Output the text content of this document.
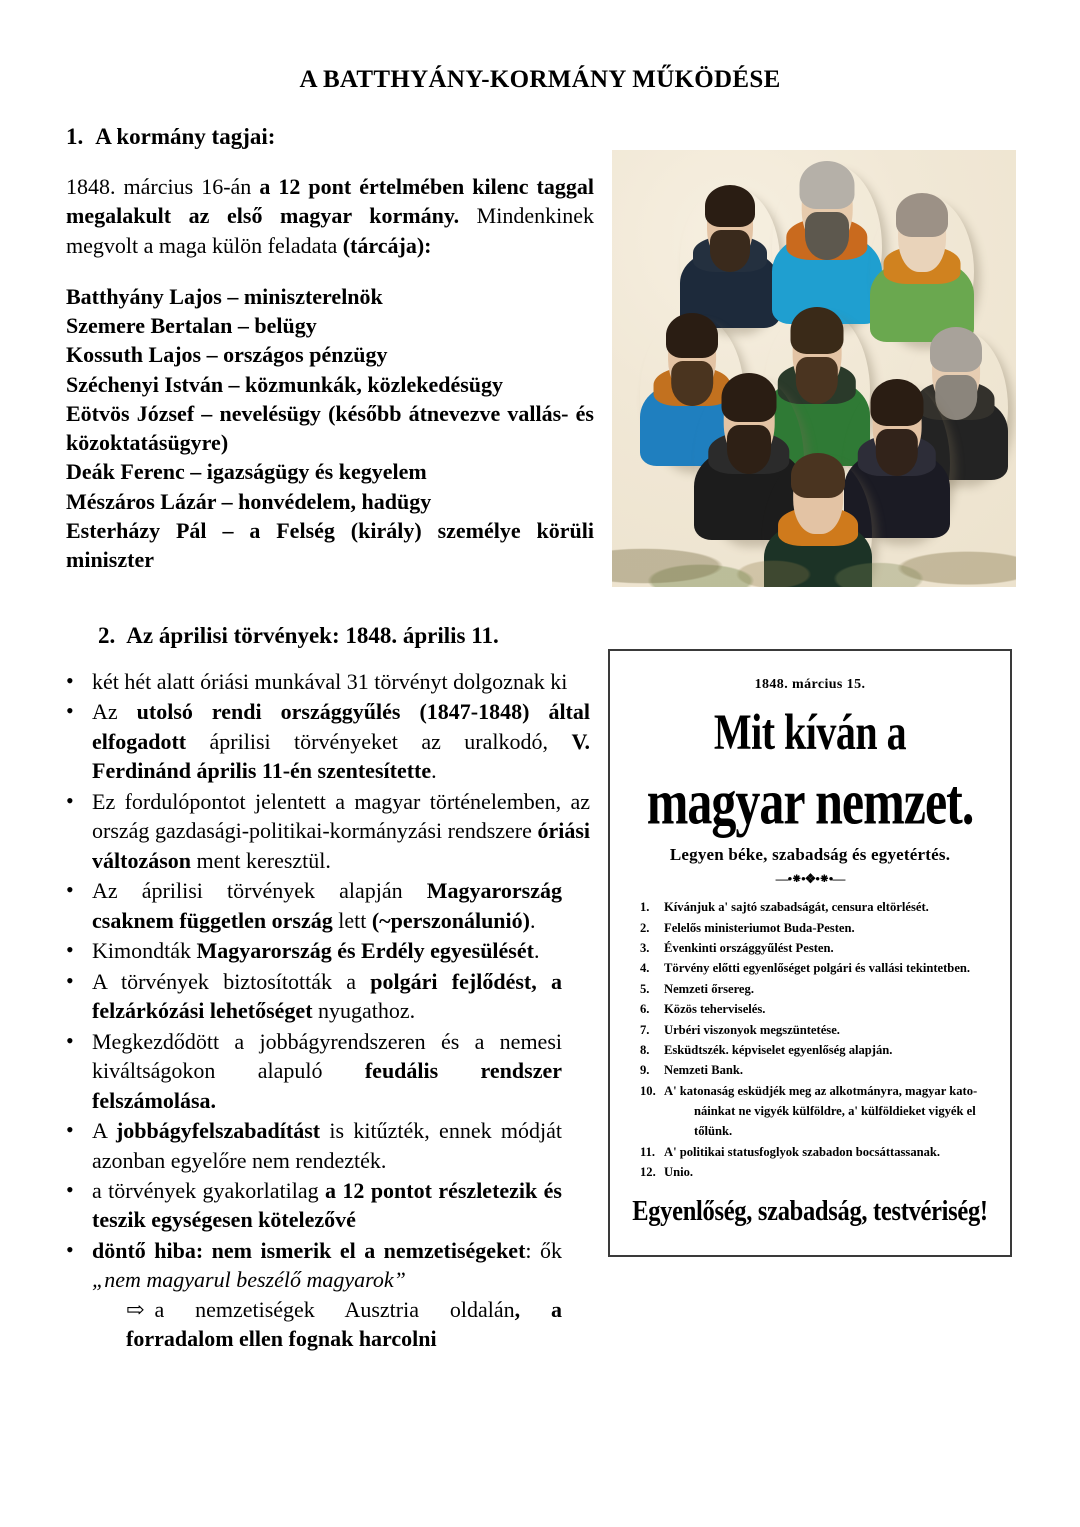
A BATTHYÁNY-KORMÁNY MŰKÖDÉSE
1. A kormány tagjai:

1848. március 16-án a 12 pont értelmében kilenc taggal megalakult az első magyar kormány. Mindenkinek megvolt a maga külön feladata (tárcája):

Batthyány Lajos – miniszterelnök
Szemere Bertalan – belügy
Kossuth Lajos – országos pénzügy
Széchenyi István – közmunkák, közlekedésügy
Eötvös József – nevelésügy (később átnevezve vallás- és közoktatásügyre)
Deák Ferenc – igazságügy és kegyelem
Mészáros Lázár – honvédelem, hadügy
Esterházy Pál – a Felség (király) személye körüli miniszter

2. Az áprilisi törvények: 1848. április 11.
1848. március 15.
Mit kíván a
magyar nemzet.
Legyen béke, szabadság és egyetértés.
—•⁕•❖•⁕•—
1.	Kívánjuk a' sajtó szabadságát, censura eltörlését.
2.	Felelős ministeriumot Buda-Pesten.
3.	Évenkinti országgyűlést Pesten.
4.	Törvény előtti egyenlőséget polgári és vallási tekintetben.
5.	Nemzeti őrsereg.
6.	Közös teherviselés.
7.	Urbéri viszonyok megszüntetése.
8.	Esküdtszék. képviselet egyenlőség alapján.
9.	Nemzeti Bank.
10. A' katonaság esküdjék meg az alkotmányra, magyar kato-
náinkat ne vigyék külföldre, a' külföldieket vigyék el tőlünk.
11. A' politikai statusfoglyok szabadon bocsáttassanak.
12. Unio.
Egyenlőség, szabadság, testvériség!
• két hét alatt óriási munkával 31 törvényt dolgoznak ki
• Az utolsó rendi országgyűlés (1847-1848) által elfogadott áprilisi törvényeket az uralkodó, V. Ferdinánd április 11-én szentesítette.
• Ez fordulópontot jelentett a magyar történelemben, az ország gazdasági-politikai-kormányzási rendszere óriási változáson ment keresztül.
• Az áprilisi törvények alapján Magyarország csaknem független ország lett (~perszonálunió).
• Kimondták Magyarország és Erdély egyesülését.
• A törvények biztosították a polgári fejlődést, a felzárkózási lehetőséget nyugathoz.
• Megkezdődött a jobbágyrendszeren és a nemesi kiváltságokon alapuló feudális rendszer felszámolása.
• A jobbágyfelszabadítást is kitűzték, ennek módját azonban egyelőre nem rendezték.
• a törvények gyakorlatilag a 12 pontot részletezik és teszik egységesen kötelezővé
• döntő hiba: nem ismerik el a nemzetiségeket: ők „nem magyarul beszélő magyarok”
⇨ a nemzetiségek Ausztria oldalán, a forradalom ellen fognak harcolni
